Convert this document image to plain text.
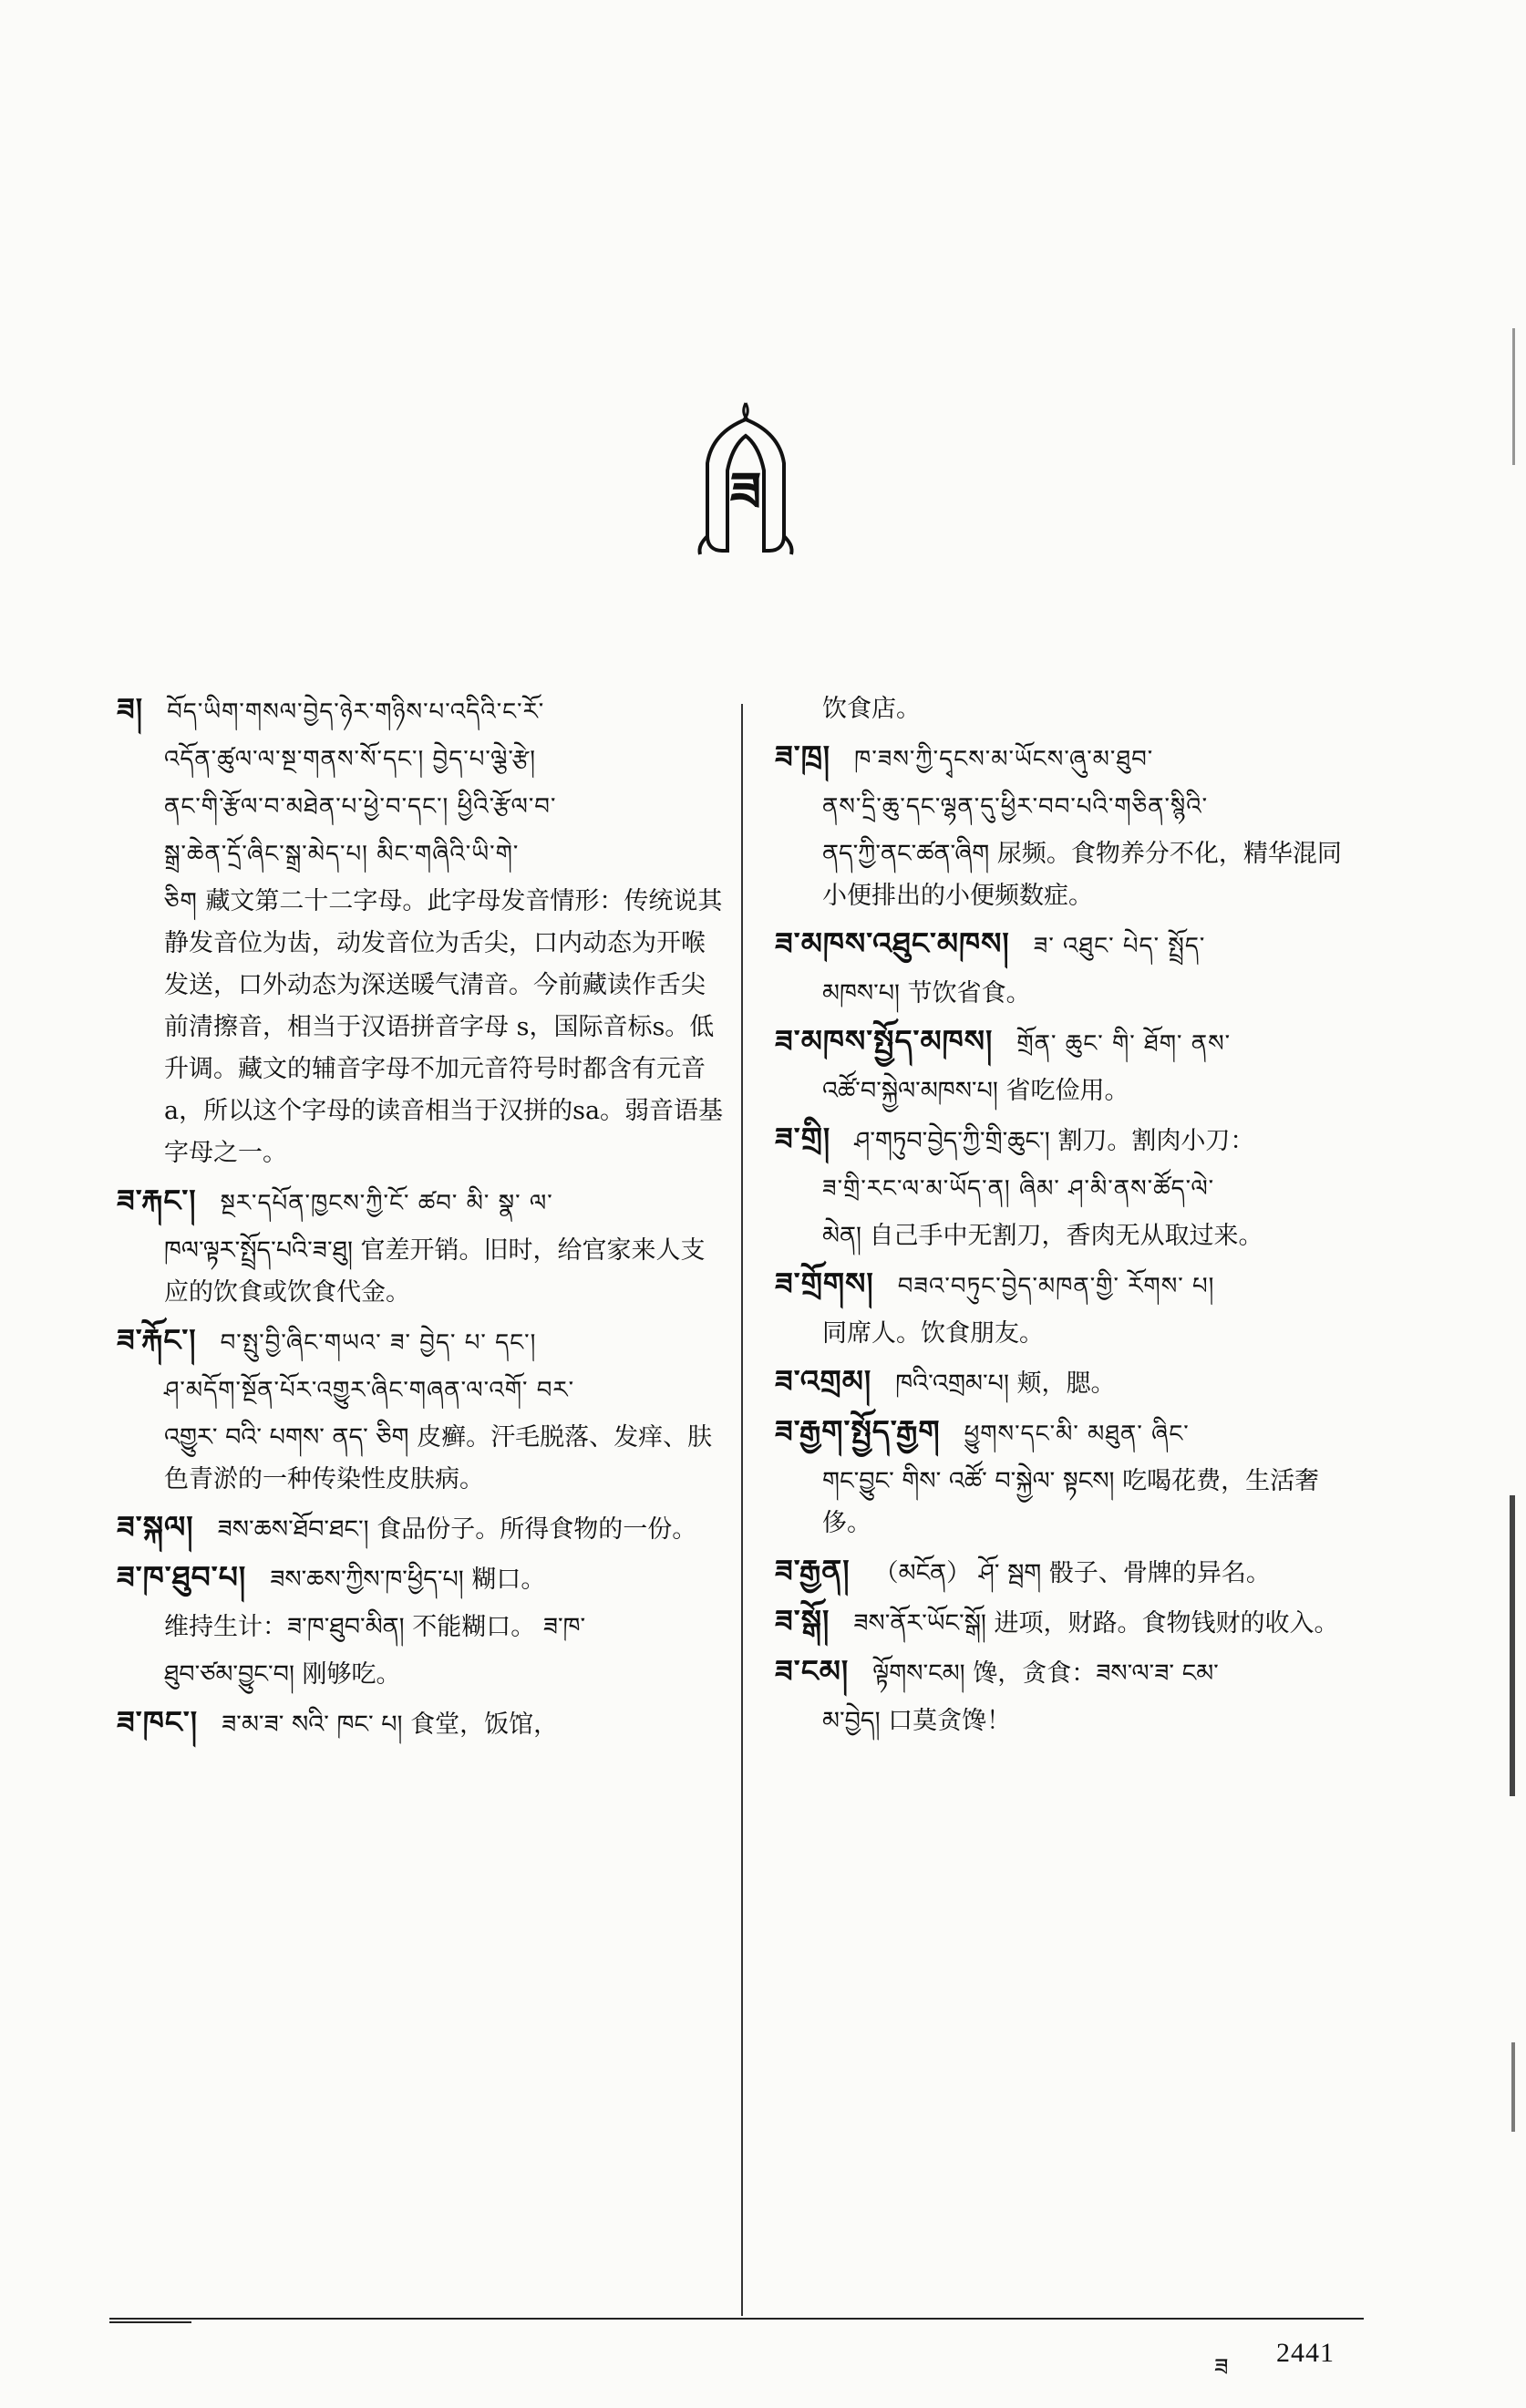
ཟ
ཟ། བོད་ཡིག་གསལ་བྱེད་ཉེར་གཉིས་པ་འདིའི་ང་རོ་
འདོན་ཚུལ་ལ་སྔ་གནས་སོ་དང་། བྱེད་པ་ལྕེ་རྩེ།
ནང་གི་རྩོལ་བ་མཐེན་པ་ཕྱེ་བ་དང་། ཕྱིའི་རྩོལ་བ་
སྒྲ་ཆེན་དྲོ་ཞིང་སྒྲ་མེད་པ། མིང་གཞིའི་ཡི་གེ་
ཅིག 藏文第二十二字母。此字母发音情形：传统说其静发音位为齿，动发音位为舌尖，口内动态为开喉发送，口外动态为深送暖气清音。今前藏读作舌尖前清擦音，相当于汉语拼音字母 s，国际音标s。低升调。藏文的辅音字母不加元音符号时都含有元音a，所以这个字母的读音相当于汉拼的sa。弱音语基字母之一。
ཟ་རྐང་། སྔར་དཔོན་ཁྱངས་ཀྱི་ངོ་ ཚབ་ མི་ སྣ་ ལ་
ཁལ་ལྟར་སྤྲོད་པའི་ཟ་ཐུ། 官差开销。旧时，给官家来人支应的饮食或饮食代金。
ཟ་རྐོང་། བ་སྤུ་བྱི་ཞིང་གཡའ་ ཟ་ བྱེད་ པ་ དང་།
ཤ་མདོག་སྔོན་པོར་འགྱུར་ཞིང་གཞན་ལ་འགོ་ བར་
འགྱུར་ བའི་ པགས་ ནད་ ཅིག 皮癣。汗毛脱落、发痒、肤色青淤的一种传染性皮肤病。
ཟ་སྐལ། ཟས་ཆས་ཐོབ་ཐང་། 食品份子。所得食物的一份。
ཟ་ཁ་ཐུབ་པ། ཟས་ཆས་ཀྱིས་ཁ་ཕྱིད་པ། 糊口。
维持生计：ཟ་ཁ་ཐུབ་མིན། 不能糊口。 ཟ་ཁ་
ཐུབ་ཙམ་བྱུང་བ། 刚够吃。
ཟ་ཁང་། ཟ་མ་ཟ་ སའི་ ཁང་ པ། 食堂，饭馆，
饮食店。
ཟ་ཁྲ། ཁ་ཟས་ཀྱི་དྭངས་མ་ཡོངས་ཞུ་མ་ཐུབ་
ནས་དྲི་ཆུ་དང་ལྷན་དུ་ཕྱིར་བབ་པའི་གཅིན་སྙིའི་
ནད་ཀྱི་ནང་ཚན་ཞིག 尿频。食物养分不化，精华混同小便排出的小便频数症。
ཟ་མཁས་འཐུང་མཁས། ཟ་ འཐུང་ པེད་ སྤྲོད་
མཁས་པ། 节饮省食。
ཟ་མཁས་སྤྱོད་མཁས། གྲོན་ ཆུང་ གི་ ཐོག་ ནས་
འཚོ་བ་སྐྱེལ་མཁས་པ། 省吃俭用。
ཟ་གྲི། ཤ་གཏུབ་བྱེད་ཀྱི་གྲི་ཆུང་། 割刀。割肉小刀：
ཟ་གྲི་རང་ལ་མ་ཡོད་ན། ཞིམ་ ཤ་མི་ནས་ཚོད་ལེ་
མེན། 自己手中无割刀，香肉无从取过来。
ཟ་གྲོགས། བཟའ་བཏུང་བྱེད་མཁན་གྱི་ རོགས་ པ།
同席人。饮食朋友。
ཟ་འགྲམ། ཁའི་འགྲམ་པ། 颊，腮。
ཟ་རྒྱག་སྤྱོད་རྒྱག ཕྱུགས་དང་མི་ མཐུན་ ཞིང་
གང་བྱུང་ གིས་ འཚོ་ བ་སྐྱེལ་ སྟངས། 吃喝花费，生活奢侈。
ཟ་རྒྱན། （མངོན） ཤོ་ སྦག 骰子、骨牌的异名。
ཟ་སྒོ། ཟས་ནོར་ཡོང་སྒོ། 进项，财路。食物钱财的收入。
ཟ་ངམ། ལྟོགས་ངམ། 馋，贪食：ཟས་ལ་ཟ་ ངམ་
མ་བྱེད། 口莫贪馋！
ཟ 2441
